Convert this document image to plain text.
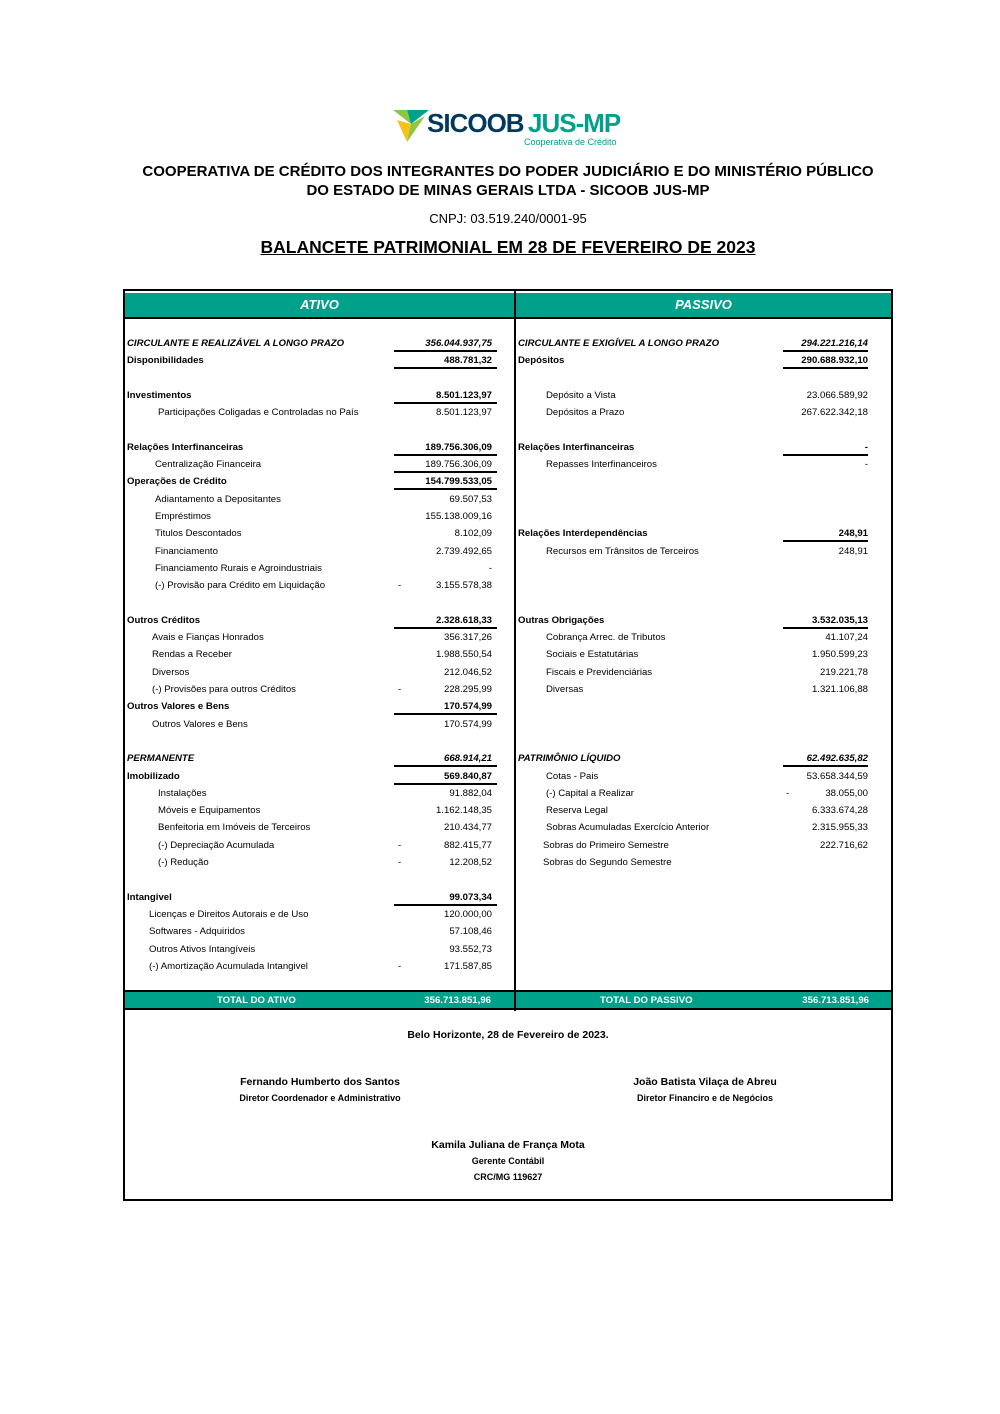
SICOOB JUS-MP
Cooperativa de Crédito
COOPERATIVA DE CRÉDITO DOS INTEGRANTES DO PODER JUDICIÁRIO E DO MINISTÉRIO PÚBLICO
DO ESTADO DE MINAS GERAIS LTDA - SICOOB JUS-MP
CNPJ: 03.519.240/0001-95
BALANCETE PATRIMONIAL EM 28 DE FEVEREIRO DE 2023
ATIVO	PASSIVO
CIRCULANTE E REALIZÁVEL A LONGO PRAZO	356.044.937,75
Disponibilidades	488.781,32
Investimentos	8.501.123,97
Participações Coligadas e Controladas no País	8.501.123,97
Relações Interfinanceiras	189.756.306,09
Centralização Financeira	189.756.306,09
Operações de Crédito	154.799.533,05
Adiantamento a Depositantes	69.507,53
Empréstimos	155.138.009,16
Titulos Descontados	8.102,09
Financiamento	2.739.492,65
Financiamento Rurais e Agroindustriais	-
(-) Provisão para Crédito em Liquidação	-	3.155.578,38
Outros Créditos	2.328.618,33
Avais e Fianças Honrados	356.317,26
Rendas a Receber	1.988.550,54
Diversos	212.046,52
(-) Provisões para outros Créditos	-	228.295,99
Outros Valores e Bens	170.574,99
Outros Valores e Bens	170.574,99
PERMANENTE	668.914,21
Imobilizado	569.840,87
Instalações	91.882,04
Móveis e Equipamentos	1.162.148,35
Benfeitoria em Imóveis de Terceiros	210.434,77
(-) Depreciação Acumulada	-	882.415,77
(-) Redução	-	12.208,52
Intangivel	99.073,34
Licenças e Direitos Autorais e de Uso	120.000,00
Softwares - Adquiridos	57.108,46
Outros Ativos Intangíveis	93.552,73
(-) Amortização Acumulada Intangivel	-	171.587,85
CIRCULANTE E EXIGÍVEL A LONGO PRAZO	294.221.216,14
Depósitos	290.688.932,10
Depósito a Vista	23.066.589,92
Depósitos a Prazo	267.622.342,18
Relações Interfinanceiras	-
Repasses Interfinanceiros	-
Relações Interdependências	248,91
Recursos em Trânsitos de Terceiros	248,91
Outras Obrigações	3.532.035,13
Cobrança Arrec. de Tributos	41.107,24
Sociais e Estatutárias	1.950.599,23
Fiscais e Previdenciárias	219.221,78
Diversas	1.321.106,88
PATRIMÔNIO LÍQUIDO	62.492.635,82
Cotas - Pais	53.658.344,59
(-) Capital a Realizar	-	38.055,00
Reserva Legal	6.333.674,28
Sobras Acumuladas Exercício Anterior	2.315.955,33
Sobras do Primeiro Semestre	222.716,62
Sobras do Segundo Semestre
TOTAL DO ATIVO	356.713.851,96	TOTAL DO PASSIVO	356.713.851,96
Belo Horizonte, 28 de Fevereiro de 2023.
Fernando Humberto dos Santos
Diretor Coordenador e Administrativo
João Batista Vilaça de Abreu
Diretor Financiro e de Negócios
Kamila Juliana de França Mota
Gerente Contábil
CRC/MG 119627
